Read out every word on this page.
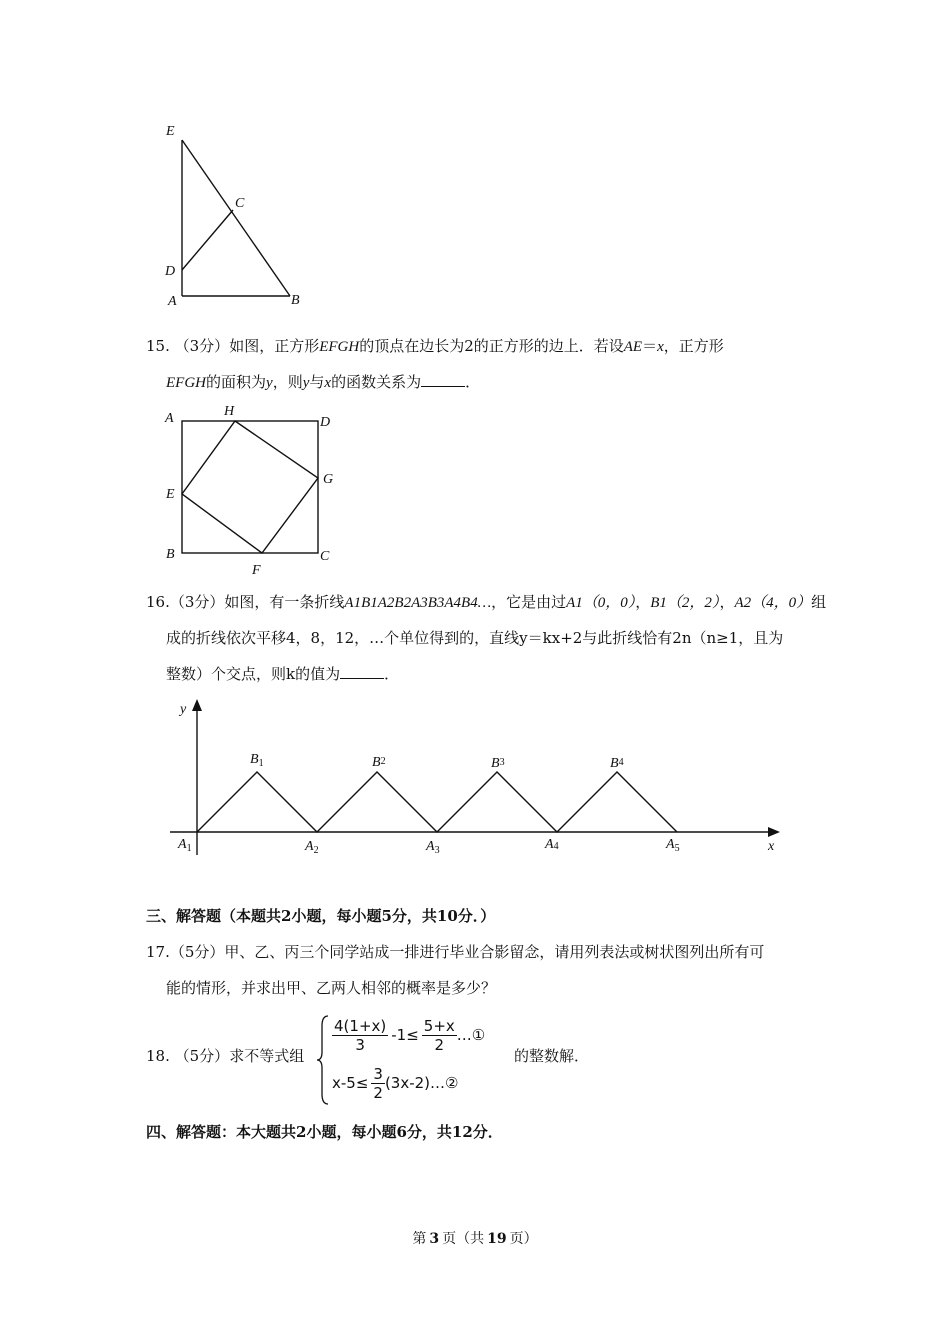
E
C
D
A	B
15. （3分）如图，正方形EFGH的顶点在边长为2的正方形的边上．若设AE＝x，正方形
EFGH的面积为y，则y与x的函数关系为	．
A	H
D
E
G
B
F
C
16.（3分）如图，有一条折线A1B1A2B2A3B3A4B4…，它是由过A1（0，0），B1（2，2），A2（4，0）组
成的折线依次平移4，8，12，…个单位得到的，直线y＝kx+2与此折线恰有2n（n≥1，且为
整数）个交点，则k的值为	．
y
x
$A_1$	$A_2$	$A_3$	A4	$A_5$
$B_1$	B2	B3	B4
三、解答题（本题共2小题，每小题5分，共10分．）
17.（5分）甲、乙、丙三个同学站成一排进行毕业合影留念，请用列表法或树状图列出所有可
能的情形，并求出甲、乙两人相邻的概率是多少？
18. （5分）求不等式组
$\frac{4(1+x)}{3} -1\le \frac{5+x}{2}$ …①
$x-5\le \frac{3}{2}$ (3x-2)…②
的整数解．
四、解答题：本大题共2小题，每小题6分，共12分．
第 3 页（共 19 页）
